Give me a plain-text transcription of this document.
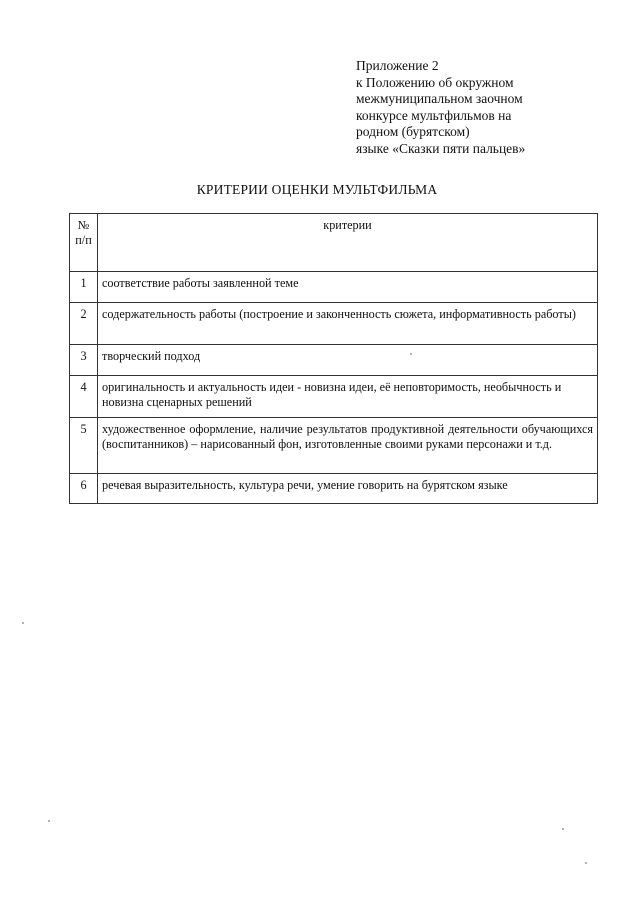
Приложение 2
к Положению об окружном
межмуниципальном заочном
конкурсе мультфильмов на
родном (бурятском)
языке «Сказки пяти пальцев»
КРИТЕРИИ ОЦЕНКИ МУЛЬТФИЛЬМА
№
п/п	критерии

1	соответствие работы заявленной теме
2	содержательность работы (построение и законченность сюжета, информативность работы)
3	творческий подход
4	оригинальность и актуальность идеи - новизна идеи, её неповторимость, необычность и новизна сценарных решений
5	художественное оформление, наличие результатов продуктивной деятельности обучающихся (воспитанников) – нарисованный фон, изготовленные своими руками персонажи и т.д.
6	речевая выразительность, культура речи, умение говорить на бурятском языке
